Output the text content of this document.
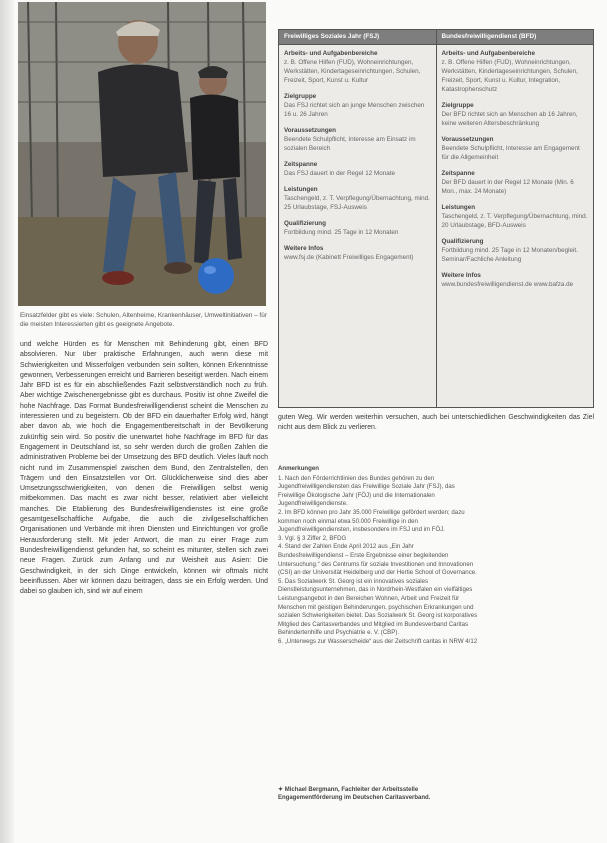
Einsatzfelder gibt es viele: Schulen, Altenheime, Krankenhäuser, Umweltinitiativen – für die meisten Interessierten gibt es geeignete Angebote.

und welche Hürden es für Menschen mit Behinderung gibt, einen BFD absolvieren. Nur über praktische Erfahrungen, auch wenn diese mit Schwierigkeiten und Misserfolgen verbunden sein sollten, können Erkenntnisse gewonnen, Verbesserungen erreicht und Barrieren beseitigt werden. Nach einem Jahr BFD ist es für ein abschließendes Fazit selbstverständlich noch zu früh. Aber wichtige Zwischenergebnisse gibt es durchaus. Positiv ist ohne Zweifel die hohe Nachfrage. Das Format Bundesfreiwilligendienst scheint die Menschen zu interessieren und zu begeistern. Ob der BFD ein dauerhafter Erfolg wird, hängt aber davon ab, wie hoch die Engagementbereitschaft in der Bevölkerung zukünftig sein wird. So positiv die unerwartet hohe Nachfrage im BFD für das Engagement in Deutschland ist, so sehr werden durch die großen Zahlen die administrativen Probleme bei der Umsetzung des BFD deutlich. Vieles läuft noch nicht rund im Zusammenspiel zwischen dem Bund, den Zentralstellen, den Trägern und den Einsatzstellen vor Ort. Glücklicherweise sind dies aber Umsetzungsschwierigkeiten, von denen die Freiwilligen selbst wenig mitbekommen. Das macht es zwar nicht besser, relativiert aber vielleicht manches. Die Etablierung des Bundesfreiwilligendienstes ist eine große gesamtgesellschaftliche Aufgabe, die auch die zivilgesellschaftlichen Organisationen und Verbände mit ihren Diensten und Einrichtungen vor große Herausforderung stellt. Mit jeder Antwort, die man zu einer Frage zum Bundesfreiwilligendienst gefunden hat, so scheint es mitunter, stellen sich zwei neue Fragen. Zurück zum Anfang und zur Weisheit aus Asien: Die Geschwindigkeit, in der sich Dinge entwickeln, können wir oftmals nicht beeinflussen. Aber wir können dazu beitragen, dass sie ein Erfolg werden. Und dabei so glauben ich, sind wir auf einem

Freiwilliges Soziales Jahr (FSJ)	Bundesfreiwilligendienst (BFD)
Arbeits- und Aufgabenbereiche
z. B. Offene Hilfen (FUD), Wohneinrichtungen, Werkstätten, Kindertageseinrichtungen, Schulen, Freizeit, Sport, Kunst u. Kultur
Zielgruppe
Das FSJ richtet sich an junge Menschen zwischen 16 u. 26 Jahren
Voraussetzungen
Beendete Schulpflicht, Interesse am Einsatz im sozialen Bereich
Zeitspanne
Das FSJ dauert in der Regel 12 Monate
Leistungen
Taschengeld, z. T. Verpflegung/Übernachtung, mind. 25 Urlaubstage, FSJ-Ausweis
Qualifizierung
Fortbildung mind. 25 Tage in 12 Monaten
Weitere Infos
www.fsj.de (Kabinett Freiwilliges Engagement)
Arbeits- und Aufgabenbereiche
z. B. Offene Hilfen (FUD), Wohneinrichtungen, Werkstätten, Kindertageseinrichtungen, Schulen, Freizeit, Sport, Kunst u. Kultur, Integration, Katastrophenschutz
Zielgruppe
Der BFD richtet sich an Menschen ab 16 Jahren, keine weiteren Altersbeschränkung
Voraussetzungen
Beendete Schulpflicht, Interesse am Engagement für die Allgemeinheit
Zeitspanne
Der BFD dauert in der Regel 12 Monate (Min. 6 Mon., max. 24 Monate)
Leistungen
Taschengeld, z. T. Verpflegung/Übernachtung, mind. 20 Urlaubstage, BFD-Ausweis
Qualifizierung
Fortbildung mind. 25 Tage in 12 Monaten/begleit. Seminar/Fachliche Anleitung
Weitere Infos
www.bundesfreiwilligendienst.de www.bafza.de

guten Weg. Wir werden weiterhin versuchen, auch bei unterschiedlichen Geschwindigkeiten das Ziel nicht aus dem Blick zu verlieren.

Anmerkungen

1. Nach den Förderrichtlinien des Bundes gehören zu den Jugendfreiwilligendiensten das Freiwillige Soziale Jahr (FSJ), das Freiwillige Ökologische Jahr (FÖJ) und die Internationalen Jugendfreiwilligendienste.

2. Im BFD können pro Jahr 35.000 Freiwillige gefördert werden; dazu kommen noch einmal etwa 50.000 Freiwillige in den Jugendfreiwilligendiensten, insbesondere im FSJ und im FÖJ.

3. Vgl. § 3 Ziffer 2, BFDG

4. Stand der Zahlen Ende April 2012 aus „Ein Jahr Bundesfreiwilligendienst – Erste Ergebnisse einer begleitenden Untersuchung.“ des Centrums für soziale Investitionen und Innovationen (CSI) an der Universität Heidelberg und der Hertie School of Governance.

5. Das Sozialwerk St. Georg ist ein innovatives soziales Dienstleistungsunternehmen, das in Nordrhein-Westfalen ein vielfältiges Leistungsangebot in den Bereichen Wohnen, Arbeit und Freizeit für Menschen mit geistigen Behinderungen, psychischen Erkrankungen und sozialen Schwierigkeiten bietet. Das Sozialwerk St. Georg ist korporatives Mitglied des Caritasverbandes und Mitglied im Bundesverband Caritas Behindertenhilfe und Psychiatrie e. V. (CBP).

6. „Unterwegs zur Wasserscheide“ aus der Zeitschrift caritas in NRW 4/12

✦ Michael Bergmann, Fachleiter der Arbeitsstelle Engagementförderung im Deutschen Caritasverband.
